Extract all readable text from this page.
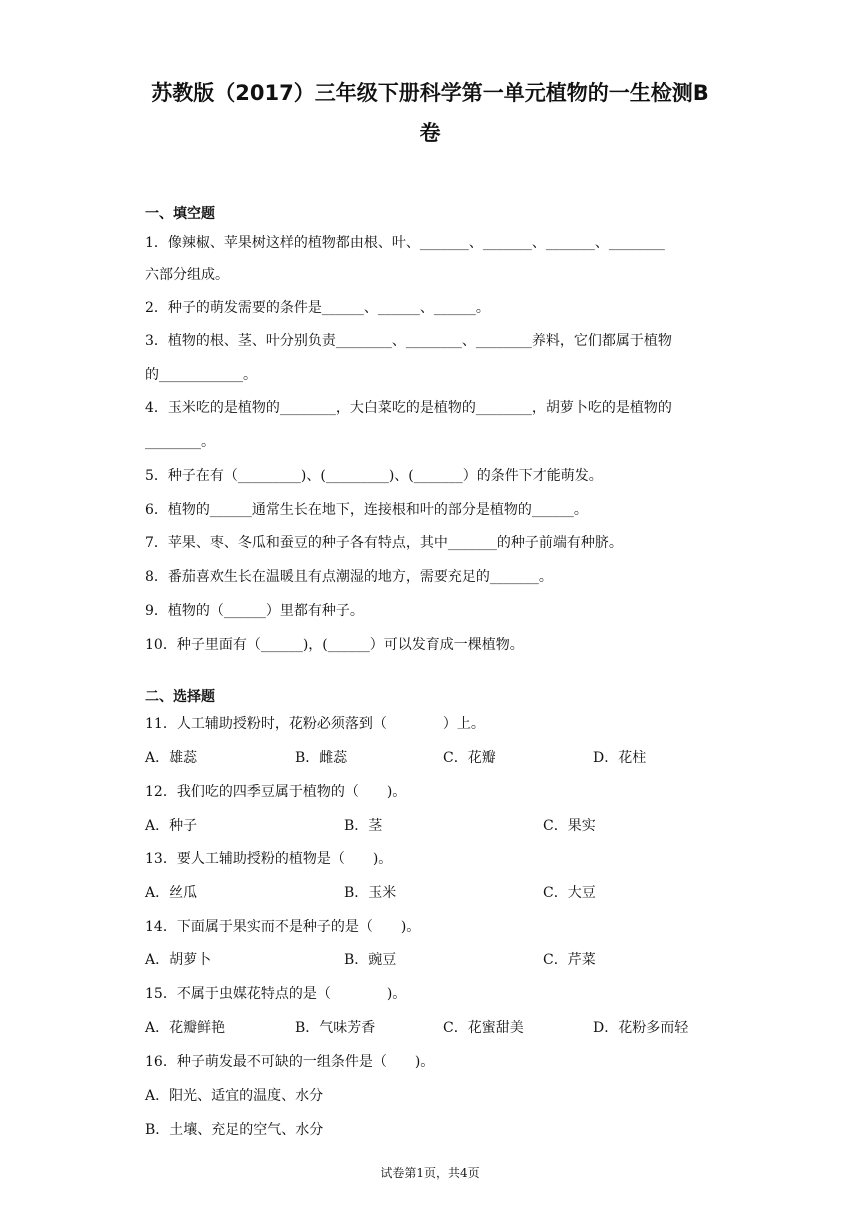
苏教版（2017）三年级下册科学第一单元植物的一生检测B
卷
一、填空题
1．像辣椒、苹果树这样的植物都由根、叶、_______、_______、_______、________
六部分组成。
2．种子的萌发需要的条件是______、______、______。
3．植物的根、茎、叶分别负责________、________、________养料，它们都属于植物
的____________。
4．玉米吃的是植物的________，大白菜吃的是植物的________，胡萝卜吃的是植物的
________。
5．种子在有（_________)、(_________)、(_______）的条件下才能萌发。
6．植物的______通常生长在地下，连接根和叶的部分是植物的______。
7．苹果、枣、冬瓜和蚕豆的种子各有特点，其中_______的种子前端有种脐。
8．番茄喜欢生长在温暖且有点潮湿的地方，需要充足的_______。
9．植物的（______）里都有种子。
10．种子里面有（______)，(______）可以发育成一棵植物。
二、选择题
11．人工辅助授粉时，花粉必须落到（　　　　）上。
A．雄蕊	B．雌蕊	C．花瓣	D．花柱
12．我们吃的四季豆属于植物的（　　)。
A．种子	B．茎	C．果实
13．要人工辅助授粉的植物是（　　)。
A．丝瓜	B．玉米	C．大豆
14．下面属于果实而不是种子的是（　　)。
A．胡萝卜	B．豌豆	C．芹菜
15．不属于虫媒花特点的是（　　　　)。
A．花瓣鲜艳	B．气味芳香	C．花蜜甜美	D．花粉多而轻
16．种子萌发最不可缺的一组条件是（　　)。
A．阳光、适宜的温度、水分
B．土壤、充足的空气、水分
试卷第1页，共4页
